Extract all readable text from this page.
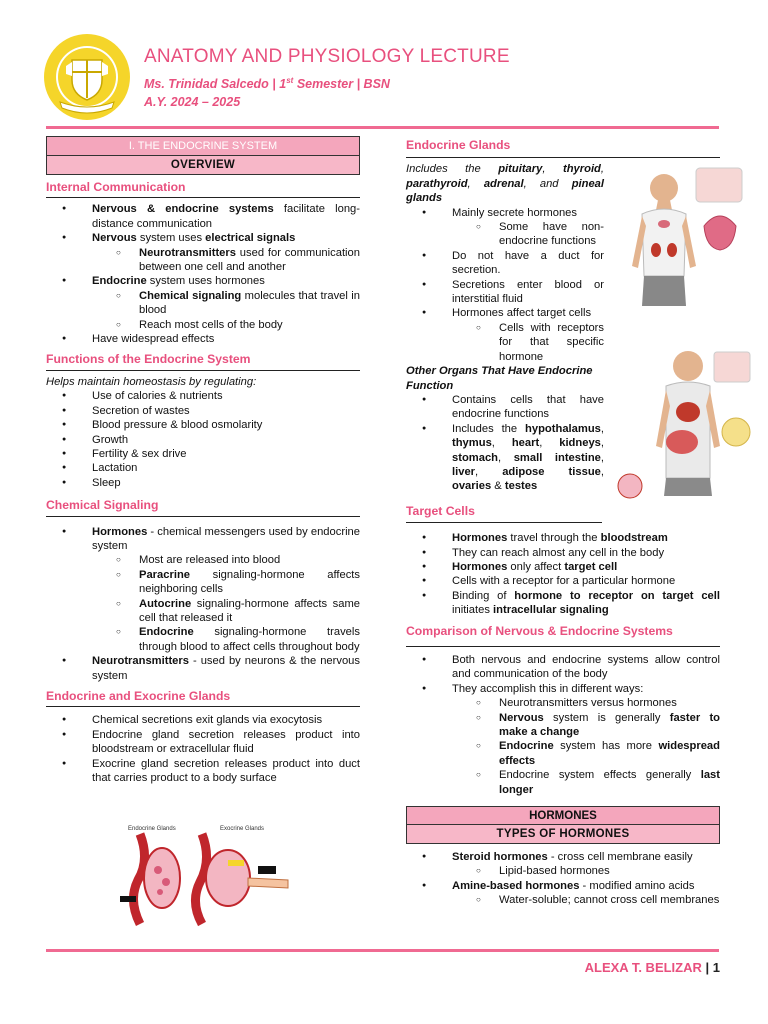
ANATOMY AND PHYSIOLOGY LECTURE
Ms. Trinidad Salcedo | 1st Semester | BSN
A.Y. 2024 – 2025
I. THE ENDOCRINE SYSTEM
OVERVIEW
Internal Communication
● Nervous & endocrine systems facilitate long-distance communication
● Nervous system uses electrical signals
○ Neurotransmitters used for communication between one cell and another
● Endocrine system uses hormones
○ Chemical signaling molecules that travel in blood
○ Reach most cells of the body
● Have widespread effects
Functions of the Endocrine System
Helps maintain homeostasis by regulating:
● Use of calories & nutrients
● Secretion of wastes
● Blood pressure & blood osmolarity
● Growth
● Fertility & sex drive
● Lactation
● Sleep
Chemical Signaling
● Hormones - chemical messengers used by endocrine system
○ Most are released into blood
○ Paracrine signaling-hormone affects neighboring cells
○ Autocrine signaling-hormone affects same cell that released it
○ Endocrine signaling-hormone travels through blood to affect cells throughout body
● Neurotransmitters - used by neurons & the nervous system
Endocrine and Exocrine Glands
● Chemical secretions exit glands via exocytosis
● Endocrine gland secretion releases product into bloodstream or extracellular fluid
● Exocrine gland secretion releases product into duct that carries product to a body surface
Endocrine Glands	Exocrine Glands
Endocrine Glands
Includes the pituitary, thyroid, parathyroid, adrenal, and pineal glands
● Mainly secrete hormones
○ Some have non-endocrine functions
● Do not have a duct for secretion.
● Secretions enter blood or interstitial fluid
● Hormones affect target cells
○ Cells with receptors for that specific hormone
Other Organs That Have Endocrine Function
● Contains cells that have endocrine functions
● Includes the hypothalamus, thymus, heart, kidneys, stomach, small intestine, liver, adipose tissue, ovaries & testes
Target Cells
● Hormones travel through the bloodstream
● They can reach almost any cell in the body
● Hormones only affect target cell
● Cells with a receptor for a particular hormone
● Binding of hormone to receptor on target cell initiates intracellular signaling
Comparison of Nervous & Endocrine Systems
● Both nervous and endocrine systems allow control and communication of the body
● They accomplish this in different ways:
○ Neurotransmitters versus hormones
○ Nervous system is generally faster to make a change
○ Endocrine system has more widespread effects
○ Endocrine system effects generally last longer
HORMONES
TYPES OF HORMONES
● Steroid hormones - cross cell membrane easily
○ Lipid-based hormones
● Amine-based hormones - modified amino acids
○ Water-soluble; cannot cross cell membranes
ALEXA T. BELIZAR | 1
